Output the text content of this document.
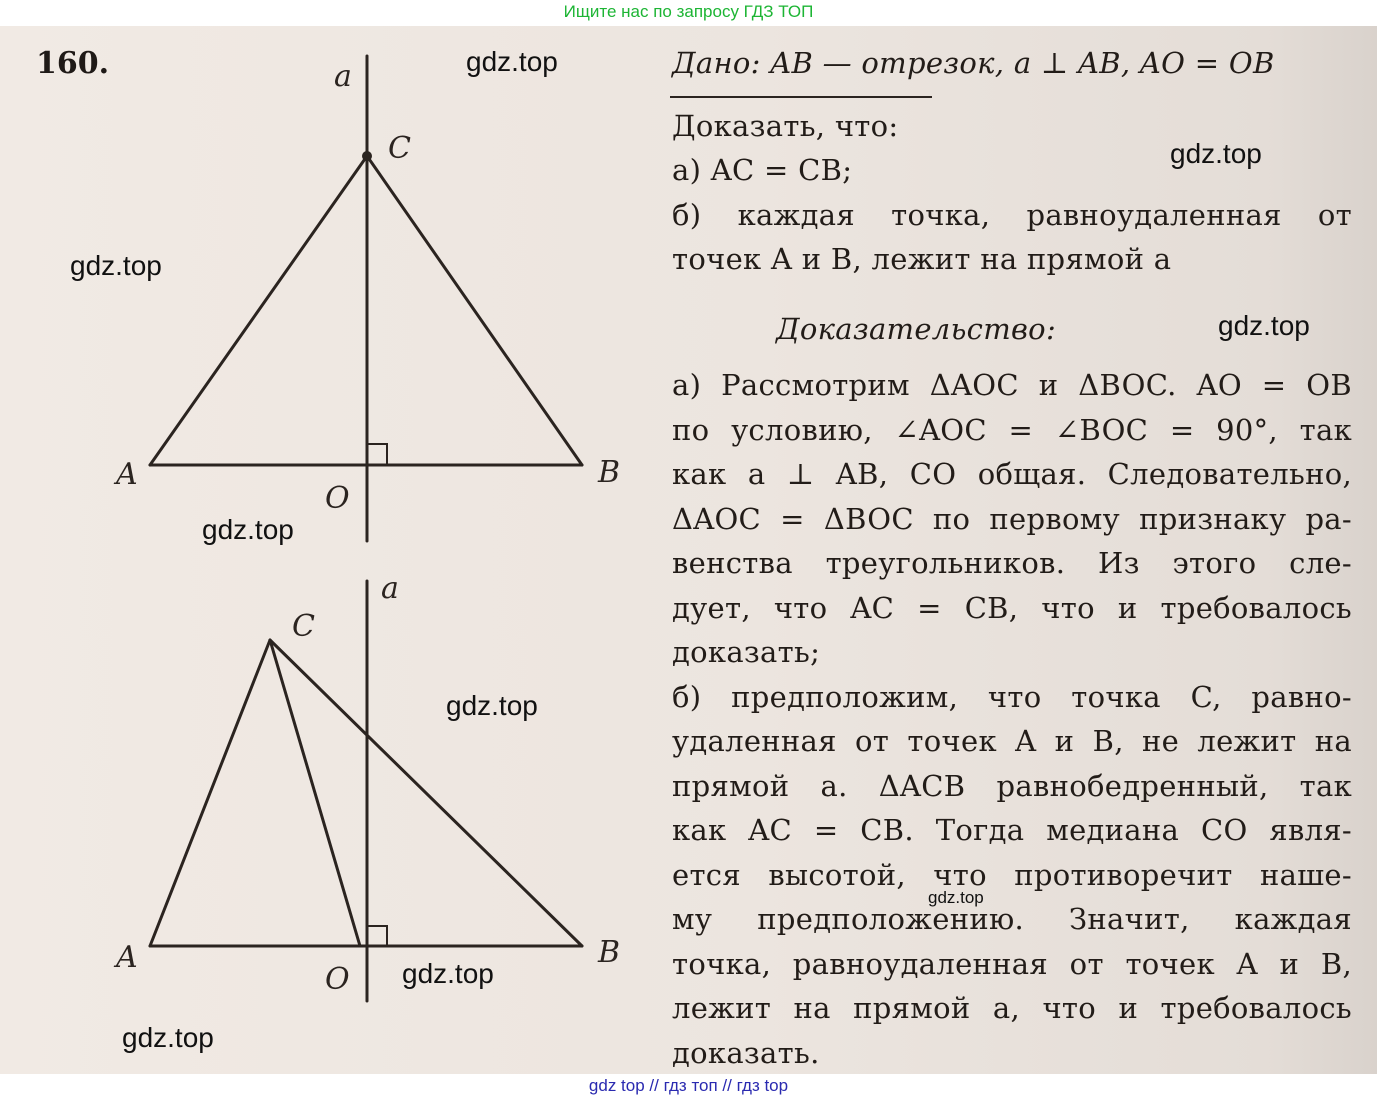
Ищите нас по запросу ГДЗ ТОП
160.	a
C
A	B
O
a
C
A	B
O
Дано: AB — отрезок, a ⊥ AB, AO = OB
Доказать, что:
а) AC = CB;
б) каждая точка, равноудаленная от
точек A и B, лежит на прямой a
Доказательство:
а) Рассмотрим ΔAOC и ΔBOC. AO = OB
по условию, ∠AOC = ∠BOC = 90°, так
как a ⊥ AB, CO общая. Следовательно,
ΔAOC = ΔBOC по первому признаку ра-
венства треугольников. Из этого сле-
дует, что AC = CB, что и требовалось
доказать;
б) предположим, что точка C, равно-
удаленная от точек A и B, не лежит на
прямой a. ΔACB равнобедренный, так
как AC = CB. Тогда медиана CO явля-
ется высотой, что противоречит наше-
му предположению. Значит, каждая
точка, равноудаленная от точек A и B,
лежит на прямой a, что и требовалось
доказать.
gdz.top
gdz.top
gdz.top
gdz.top
gdz.top
gdz.top
gdz.top
gdz.top
gdz.top
gdz top // гдз топ // гдз top
